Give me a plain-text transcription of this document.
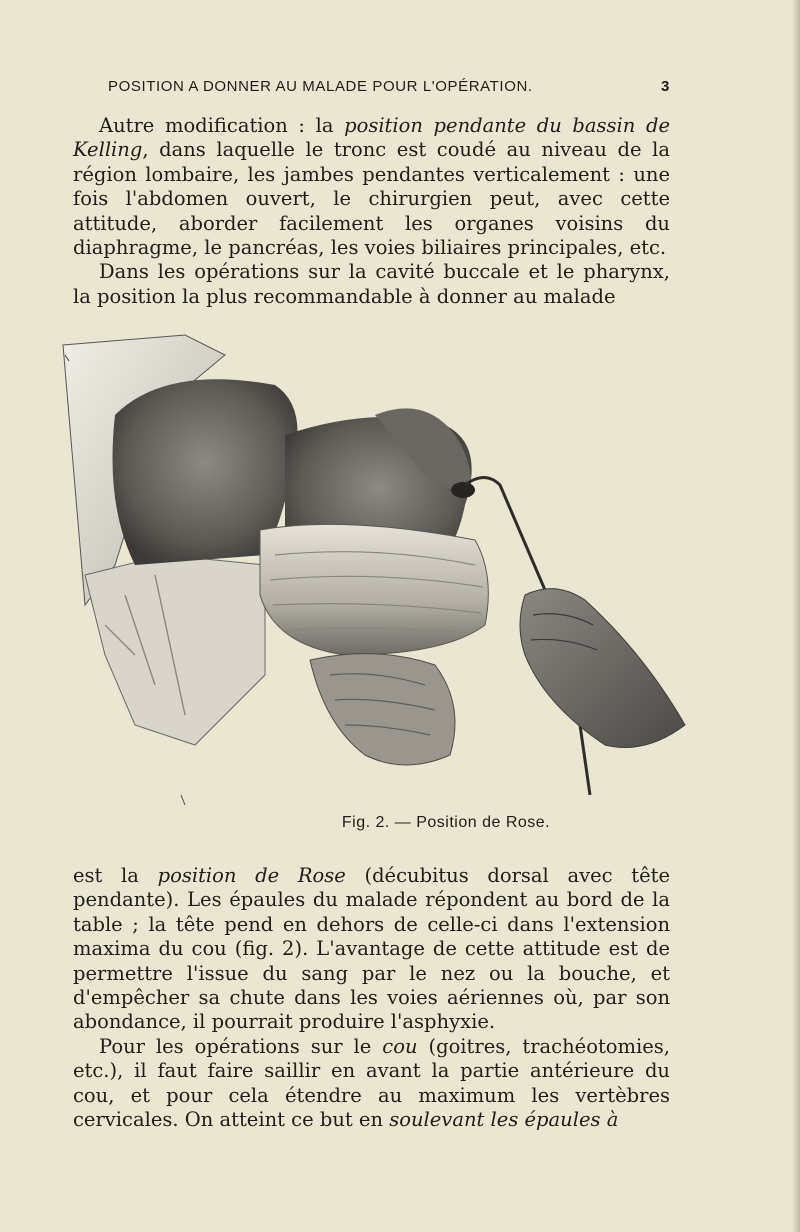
POSITION A DONNER AU MALADE POUR L'OPÉRATION.	3

Autre modification : la position pendante du bassin de Kelling, dans laquelle le tronc est coudé au niveau de la région lombaire, les jambes pendantes verticalement : une fois l'abdomen ouvert, le chirurgien peut, avec cette attitude, aborder facilement les organes voisins du diaphragme, le pancréas, les voies biliaires principales, etc.

Dans les opérations sur la cavité buccale et le pharynx, la position la plus recommandable à donner au malade

Fig. 2. — Position de Rose.

est la position de Rose (décubitus dorsal avec tête pendante). Les épaules du malade répondent au bord de la table ; la tête pend en dehors de celle-ci dans l'extension maxima du cou (fig. 2). L'avantage de cette attitude est de permettre l'issue du sang par le nez ou la bouche, et d'empêcher sa chute dans les voies aériennes où, par son abondance, il pourrait produire l'asphyxie.

Pour les opérations sur le cou (goitres, trachéotomies, etc.), il faut faire saillir en avant la partie antérieure du cou, et pour cela étendre au maximum les vertèbres cervicales. On atteint ce but en soulevant les épaules à
